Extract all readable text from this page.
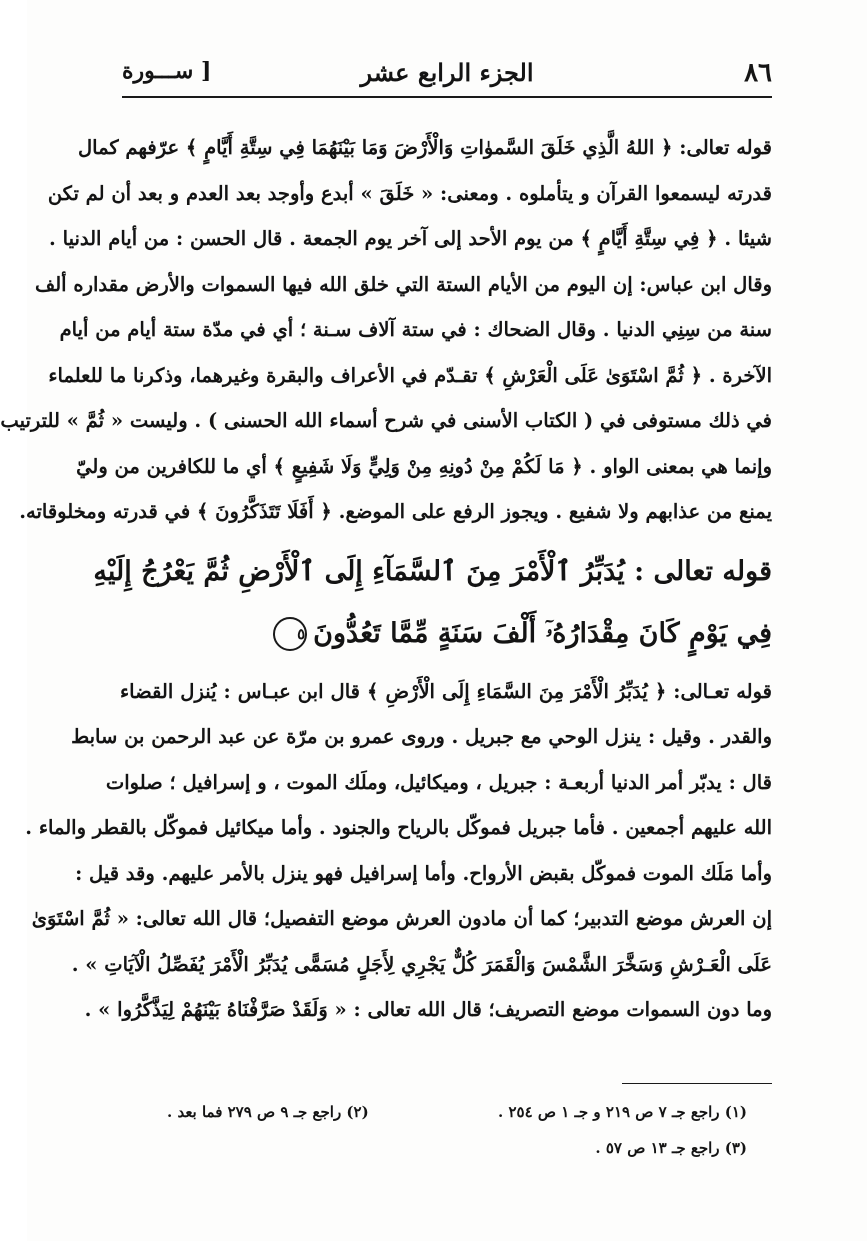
٨٦
الجزء الرابع عشر
[ ســـورة
قوله تعالى: ﴿ اللهُ الَّذِي خَلَقَ السَّموٰاتِ وَالْأَرْضَ وَمَا بَيْنَهُمَا فِي سِتَّةِ أَيَّامٍ ﴾ عرّفهم كمال
قدرته ليسمعوا القرآن و يتأملوه . ومعنى: « خَلَقَ » أبدع وأوجد بعد العدم و بعد أن لم تكن
شيئا . ﴿ فِي سِتَّةِ أَيَّامٍ ﴾ من يوم الأحد إلى آخر يوم الجمعة . قال الحسن : من أيام الدنيا .
وقال ابن عباس: إن اليوم من الأيام الستة التي خلق الله فيها السموات والأرض مقداره ألف
سنة من سِنِي الدنيا . وقال الضحاك : في ستة آلاف سـنة ؛ أي في مدّة ستة أيام من أيام
الآخرة . ﴿ ثُمَّ اسْتَوَىٰ عَلَى الْعَرْشِ ﴾ تقـدّم في الأعراف والبقرة وغيرهما، وذكرنا ما للعلماء
في ذلك مستوفى في ( الكتاب الأسنى في شرح أسماء الله الحسنى ) . وليست « ثُمَّ » للترتيب
وإنما هي بمعنى الواو . ﴿ مَا لَكُمْ مِنْ دُونِهِ مِنْ وَلِيٍّ وَلَا شَفِيعٍ ﴾ أي ما للكافرين من وليّ
يمنع من عذابهم ولا شفيع . ويجوز الرفع على الموضع. ﴿ أَفَلَا تَتَذَكَّرُونَ ﴾ في قدرته ومخلوقاته.
قوله تعالى : يُدَبِّرُ ٱلْأَمْرَ مِنَ ٱلسَّمَآءِ إِلَى ٱلْأَرْضِ ثُمَّ يَعْرُجُ إِلَيْهِ
فِي يَوْمٍ كَانَ مِقْدَارُهُۥٓ أَلْفَ سَنَةٍ مِّمَّا تَعُدُّونَ٥
قوله تعـالى: ﴿ يُدَبِّرُ الْأَمْرَ مِنَ السَّمَاءِ إِلَى الْأَرْضِ ﴾ قال ابن عبـاس : يُنزل القضاء
والقدر . وقيل : ينزل الوحي مع جبريل . وروى عمرو بن مرّة عن عبد الرحمن بن سابط
قال : يدبّر أمر الدنيا أربعـة : جبريل ، وميكائيل، وملَك الموت ، و إسرافيل ؛ صلوات
الله عليهم أجمعين . فأما جبريل فموكّل بالرياح والجنود . وأما ميكائيل فموكّل بالقطر والماء .
وأما مَلَك الموت فموكّل بقبض الأرواح. وأما إسرافيل فهو ينزل بالأمر عليهم. وقد قيل :
إن العرش موضع التدبير؛ كما أن مادون العرش موضع التفصيل؛ قال الله تعالى: « ثُمَّ اسْتَوَىٰ
عَلَى الْعَـرْشِ وَسَخَّرَ الشَّمْسَ وَالْقَمَرَ كُلٌّ يَجْرِي لِأَجَلٍ مُسَمًّى يُدَبِّرُ الْأَمْرَ يُفَصِّلُ الْآيَاتِ » .
وما دون السموات موضع التصريف؛ قال الله تعالى : « وَلَقَدْ صَرَّفْنَاهُ بَيْنَهُمْ لِيَذَّكَّرُوا » .
(١) راجع جـ ٧ ص ٢١٩ و جـ ١ ص ٢٥٤ .
(٢) راجع جـ ٩ ص ٢٧٩ فما بعد .
(٣) راجع جـ ١٣ ص ٥٧ .
